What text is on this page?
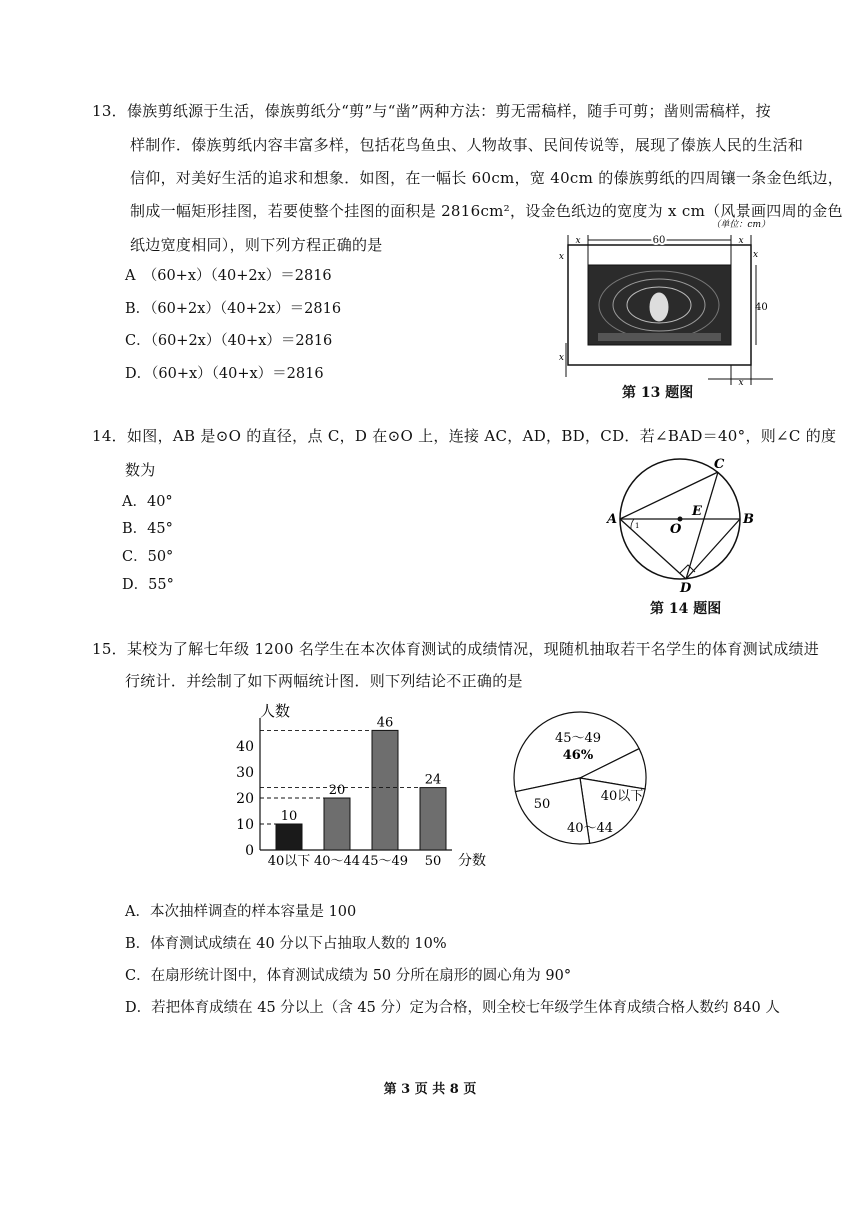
13．傣族剪纸源于生活，傣族剪纸分“剪”与“凿”两种方法：剪无需稿样，随手可剪；凿则需稿样，按
样制作．傣族剪纸内容丰富多样，包括花鸟鱼虫、人物故事、民间传说等，展现了傣族人民的生活和
信仰，对美好生活的追求和想象．如图，在一幅长 60cm，宽 40cm 的傣族剪纸的四周镶一条金色纸边，
制成一幅矩形挂图，若要使整个挂图的面积是 2816cm²，设金色纸边的宽度为 x cm（风景画四周的金色
纸边宽度相同），则下列方程正确的是
A　（60+x）（40+2x）＝2816
B．（60+2x）（40+2x）＝2816
C．（60+2x）（40+x）＝2816
D．（60+x）（40+x）＝2816
（单位：cm）
60
x	x
40
x
x
x
x
第 13 题图
14．如图，AB 是⊙O 的直径，点 C，D 在⊙O 上，连接 AC，AD，BD，CD．若∠BAD＝40°，则∠C 的度
数为
A．40°
B．45°
C．50°
D．55°
1
A	B
C
D
O
E
第 14 题图
15．某校为了解七年级 1200 名学生在本次体育测试的成绩情况，现随机抽取若干名学生的体育测试成绩进
行统计．并绘制了如下两幅统计图．则下列结论不正确的是
人数
分数
0
10
20
30
40
10
40以下
20
40～44
46
45～49
24
50
45～49
46%
40以下
40～44
50
A．本次抽样调查的样本容量是 100
B．体育测试成绩在 40 分以下占抽取人数的 10%
C．在扇形统计图中，体育测试成绩为 50 分所在扇形的圆心角为 90°
D．若把体育成绩在 45 分以上（含 45 分）定为合格，则全校七年级学生体育成绩合格人数约 840 人
第 3 页 共 8 页
